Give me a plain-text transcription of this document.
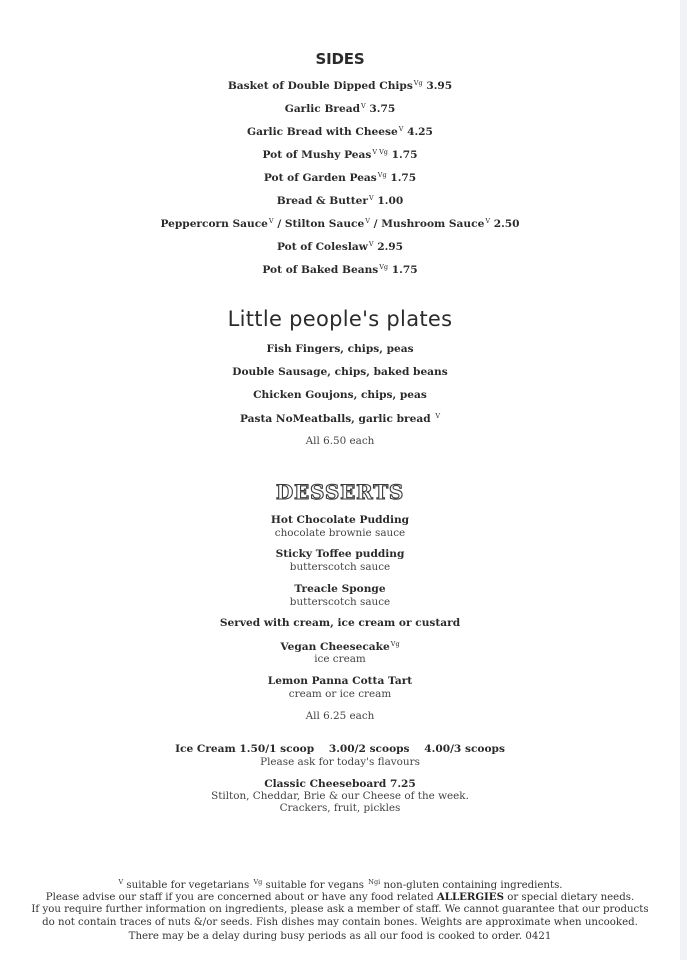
SIDES
Basket of Double Dipped Chips$^{Vg}$ 3.95
Garlic Bread$^V$ 3.75
Garlic Bread with Cheese$^V$ 4.25
Pot of Mushy Peas$^{V Vg}$ 1.75
Pot of Garden Peas$^{Vg}$ 1.75
Bread & Butter$^V$ 1.00
Peppercorn Sauce$^V$ / Stilton Sauce$^V$ / Mushroom Sauce$^V$ 2.50
Pot of Coleslaw$^V$ 2.95
Pot of Baked Beans$^{Vg}$ 1.75
Little people's plates
Fish Fingers, chips, peas
Double Sausage, chips, baked beans
Chicken Goujons, chips, peas
Pasta NoMeatballs, garlic bread $^V$
All 6.50 each
DESSERTS
Hot Chocolate Pudding
chocolate brownie sauce
Sticky Toffee pudding
butterscotch sauce
Treacle Sponge
butterscotch sauce
Served with cream, ice cream or custard
Vegan Cheesecake$^{Vg}$
ice cream
Lemon Panna Cotta Tart
cream or ice cream
All 6.25 each
Ice Cream 1.50/1 scoop    3.00/2 scoops    4.00/3 scoops
Please ask for today's flavours
Classic Cheeseboard 7.25
Stilton, Cheddar, Brie & our Cheese of the week.
Crackers, fruit, pickles
$^V$ suitable for vegetarians $^{Vg}$ suitable for vegans $^{Ngi}$ non-gluten containing ingredients.
Please advise our staff if you are concerned about or have any food related ALLERGIES or special dietary needs.
If you require further information on ingredients, please ask a member of staff. We cannot guarantee that our products
do not contain traces of nuts &/or seeds. Fish dishes may contain bones. Weights are approximate when uncooked.
There may be a delay during busy periods as all our food is cooked to order. 0421
